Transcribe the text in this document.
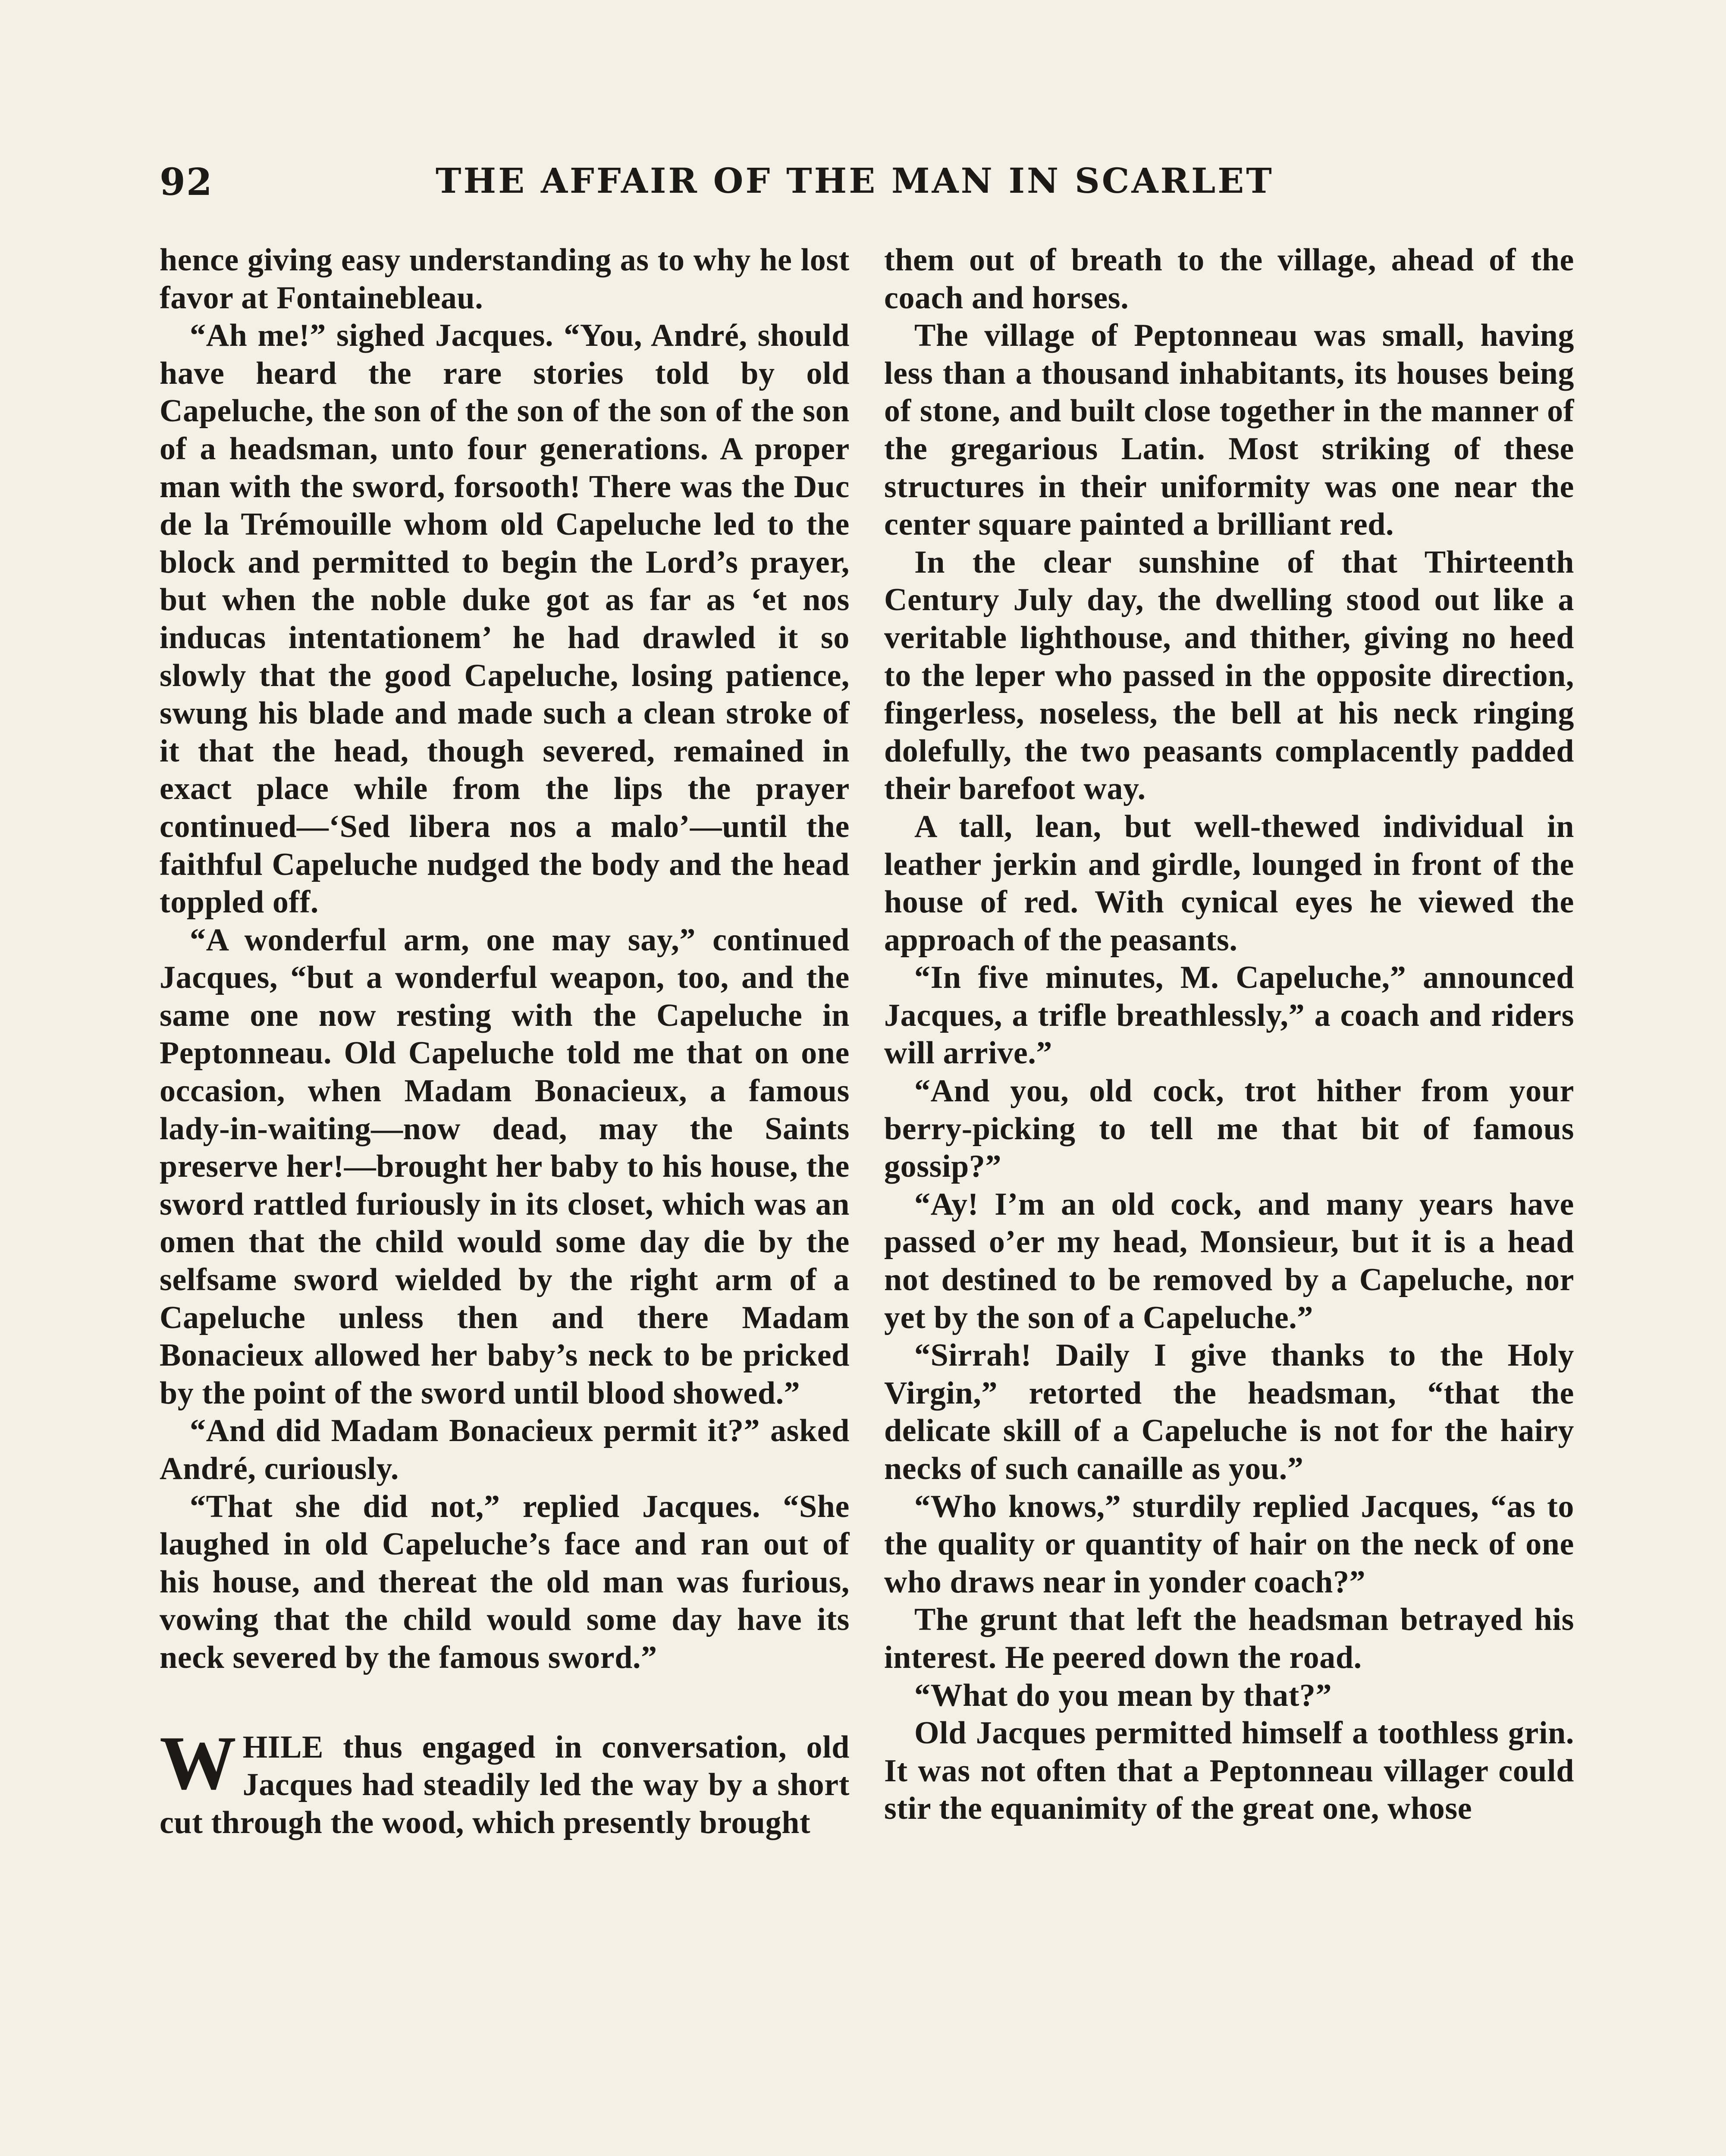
92	THE AFFAIR OF THE MAN IN SCARLET

hence giving easy understanding as to why he lost favor at Fontainebleau.

“Ah me!” sighed Jacques. “You, André, should have heard the rare stories told by old Capeluche, the son of the son of the son of the son of a headsman, unto four generations. A proper man with the sword, forsooth! There was the Duc de la Trémouille whom old Capeluche led to the block and permitted to begin the Lord’s prayer, but when the noble duke got as far as ‘et nos inducas intentationem’ he had drawled it so slowly that the good Capeluche, losing patience, swung his blade and made such a clean stroke of it that the head, though severed, remained in exact place while from the lips the prayer continued—‘Sed libera nos a malo’—until the faithful Capeluche nudged the body and the head toppled off.

“A wonderful arm, one may say,” continued Jacques, “but a wonderful weapon, too, and the same one now resting with the Capeluche in Peptonneau. Old Capeluche told me that on one occasion, when Madam Bonacieux, a famous lady-in-waiting—now dead, may the Saints preserve her!—brought her baby to his house, the sword rattled furiously in its closet, which was an omen that the child would some day die by the selfsame sword wielded by the right arm of a Capeluche unless then and there Madam Bonacieux allowed her baby’s neck to be pricked by the point of the sword until blood showed.”

“And did Madam Bonacieux permit it?” asked André, curiously.

“That she did not,” replied Jacques. “She laughed in old Capeluche’s face and ran out of his house, and thereat the old man was furious, vowing that the child would some day have its neck severed by the famous sword.”

W HILE thus engaged in conversation, old Jacques had steadily led the way by a short cut through the wood, which presently brought

them out of breath to the village, ahead of the coach and horses.

The village of Peptonneau was small, having less than a thousand inhabitants, its houses being of stone, and built close together in the manner of the gregarious Latin. Most striking of these structures in their uniformity was one near the center square painted a brilliant red.

In the clear sunshine of that Thirteenth Century July day, the dwelling stood out like a veritable lighthouse, and thither, giving no heed to the leper who passed in the opposite direction, fingerless, noseless, the bell at his neck ringing dolefully, the two peasants complacently padded their barefoot way.

A tall, lean, but well-thewed individual in leather jerkin and girdle, lounged in front of the house of red. With cynical eyes he viewed the approach of the peasants.

“In five minutes, M. Capeluche,” announced Jacques, a trifle breathlessly,” a coach and riders will arrive.”

“And you, old cock, trot hither from your berry-picking to tell me that bit of famous gossip?”

“Ay! I’m an old cock, and many years have passed o’er my head, Monsieur, but it is a head not destined to be removed by a Capeluche, nor yet by the son of a Capeluche.”

“Sirrah! Daily I give thanks to the Holy Virgin,” retorted the headsman, “that the delicate skill of a Capeluche is not for the hairy necks of such canaille as you.”

“Who knows,” sturdily replied Jacques, “as to the quality or quantity of hair on the neck of one who draws near in yonder coach?”

The grunt that left the headsman betrayed his interest. He peered down the road.

“What do you mean by that?”

Old Jacques permitted himself a toothless grin. It was not often that a Peptonneau villager could stir the equanimity of the great one, whose
